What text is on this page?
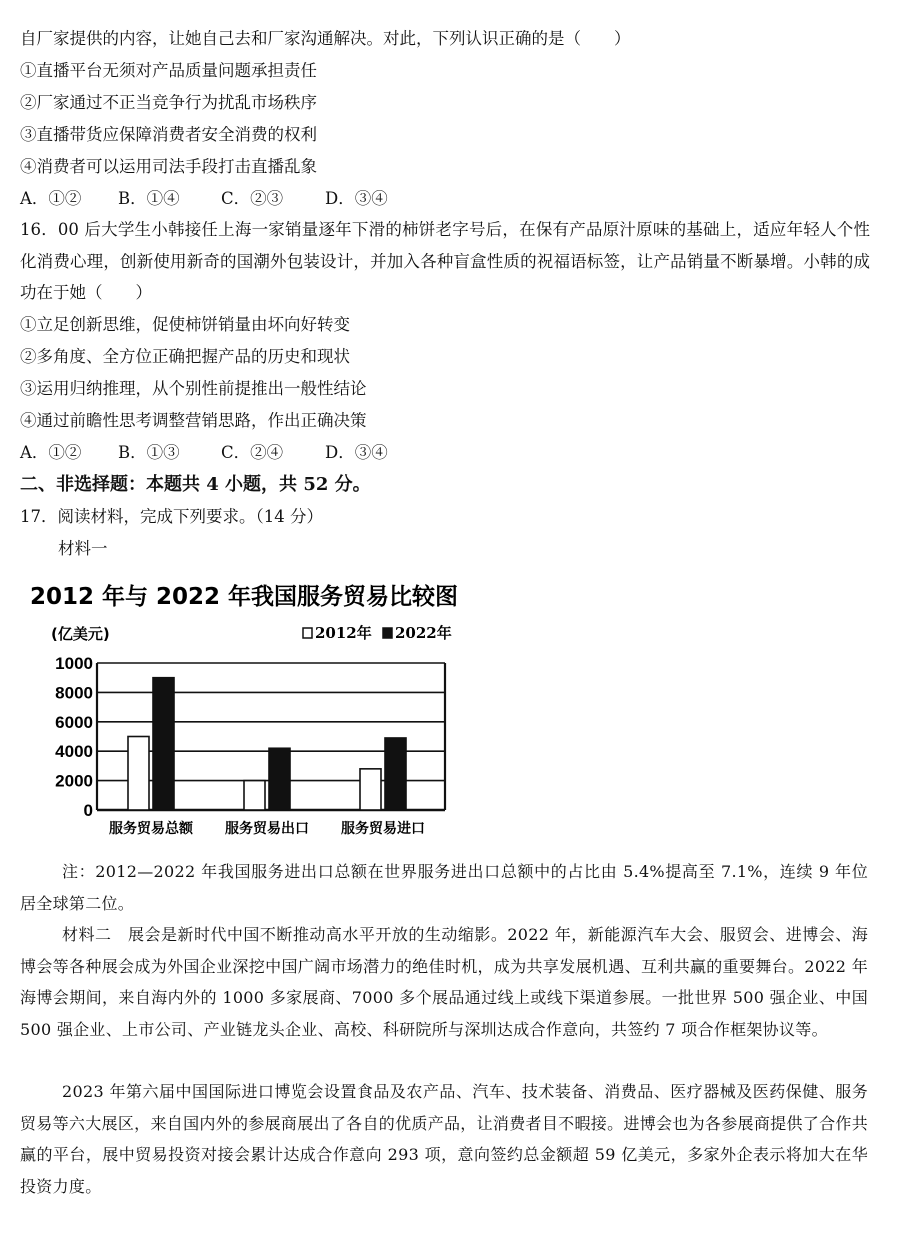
自厂家提供的内容，让她自己去和厂家沟通解决。对此，下列认识正确的是（　　）
①直播平台无须对产品质量问题承担责任
②厂家通过不正当竞争行为扰乱市场秩序
③直播带货应保障消费者安全消费的权利
④消费者可以运用司法手段打击直播乱象
A．①② B．①④	C．②③	D．③④
16．00 后大学生小韩接任上海一家销量逐年下滑的柿饼老字号后，在保有产品原汁原味的基础上，适应年轻人个性化消费心理，创新使用新奇的国潮外包装设计，并加入各种盲盒性质的祝福语标签，让产品销量不断暴增。小韩的成功在于她（　　）
①立足创新思维，促使柿饼销量由坏向好转变
②多角度、全方位正确把握产品的历史和现状
③运用归纳推理，从个别性前提推出一般性结论
④通过前瞻性思考调整营销思路，作出正确决策
A．①② B．①③	C．②④	D．③④
二、非选择题：本题共 4 小题，共 52 分。
17．阅读材料，完成下列要求。（14 分）
材料一
2012 年与 2022 年我国服务贸易比较图
(亿美元)	2012年 2022年
0
2000
4000
6000
8000
1000
服务贸易总额 服务贸易出口 服务贸易进口
注：2012—2022 年我国服务进出口总额在世界服务进出口总额中的占比由 5.4%提高至 7.1%，连续 9 年位居全球第二位。
材料二　展会是新时代中国不断推动高水平开放的生动缩影。2022 年，新能源汽车大会、服贸会、进博会、海博会等各种展会成为外国企业深挖中国广阔市场潜力的绝佳时机，成为共享发展机遇、互利共赢的重要舞台。2022 年海博会期间，来自海内外的 1000 多家展商、7000 多个展品通过线上或线下渠道参展。一批世界 500 强企业、中国 500 强企业、上市公司、产业链龙头企业、高校、科研院所与深圳达成合作意向，共签约 7 项合作框架协议等。
2023 年第六届中国国际进口博览会设置食品及农产品、汽车、技术装备、消费品、医疗器械及医药保健、服务贸易等六大展区，来自国内外的参展商展出了各自的优质产品，让消费者目不暇接。进博会也为各参展商提供了合作共赢的平台，展中贸易投资对接会累计达成合作意向 293 项，意向签约总金额超 59 亿美元，多家外企表示将加大在华投资力度。
